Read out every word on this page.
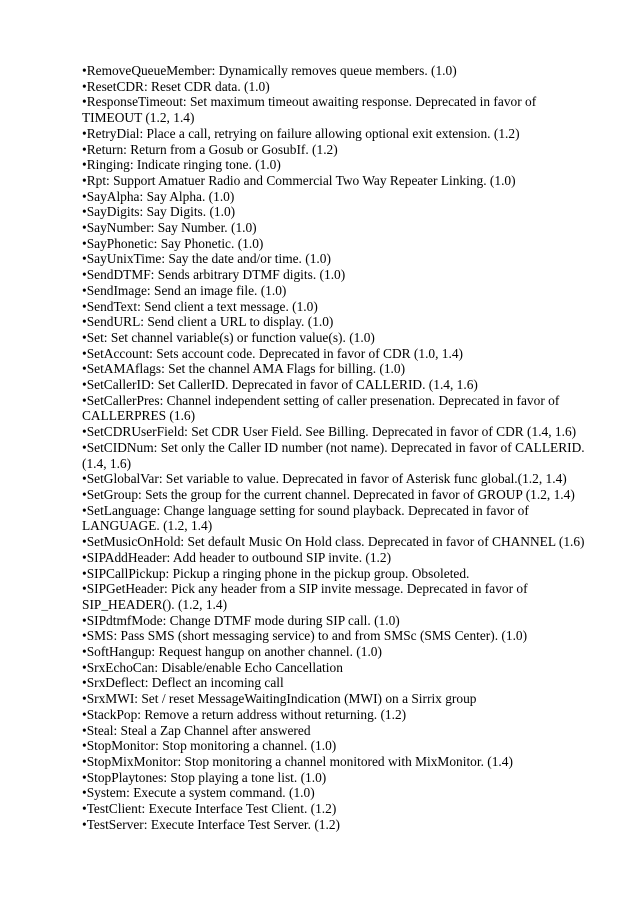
•RemoveQueueMember: Dynamically removes queue members. (1.0)
•ResetCDR: Reset CDR data. (1.0)
•ResponseTimeout: Set maximum timeout awaiting response. Deprecated in favor of
TIMEOUT (1.2, 1.4)
•RetryDial: Place a call, retrying on failure allowing optional exit extension. (1.2)
•Return: Return from a Gosub or GosubIf. (1.2)
•Ringing: Indicate ringing tone. (1.0)
•Rpt: Support Amatuer Radio and Commercial Two Way Repeater Linking. (1.0)
•SayAlpha: Say Alpha. (1.0)
•SayDigits: Say Digits. (1.0)
•SayNumber: Say Number. (1.0)
•SayPhonetic: Say Phonetic. (1.0)
•SayUnixTime: Say the date and/or time. (1.0)
•SendDTMF: Sends arbitrary DTMF digits. (1.0)
•SendImage: Send an image file. (1.0)
•SendText: Send client a text message. (1.0)
•SendURL: Send client a URL to display. (1.0)
•Set: Set channel variable(s) or function value(s). (1.0)
•SetAccount: Sets account code. Deprecated in favor of CDR (1.0, 1.4)
•SetAMAflags: Set the channel AMA Flags for billing. (1.0)
•SetCallerID: Set CallerID. Deprecated in favor of CALLERID. (1.4, 1.6)
•SetCallerPres: Channel independent setting of caller presenation. Deprecated in favor of
CALLERPRES (1.6)
•SetCDRUserField: Set CDR User Field. See Billing. Deprecated in favor of CDR (1.4, 1.6)
•SetCIDNum: Set only the Caller ID number (not name). Deprecated in favor of CALLERID.
(1.4, 1.6)
•SetGlobalVar: Set variable to value. Deprecated in favor of Asterisk func global.(1.2, 1.4)
•SetGroup: Sets the group for the current channel. Deprecated in favor of GROUP (1.2, 1.4)
•SetLanguage: Change language setting for sound playback. Deprecated in favor of
LANGUAGE. (1.2, 1.4)
•SetMusicOnHold: Set default Music On Hold class. Deprecated in favor of CHANNEL (1.6)
•SIPAddHeader: Add header to outbound SIP invite. (1.2)
•SIPCallPickup: Pickup a ringing phone in the pickup group. Obsoleted.
•SIPGetHeader: Pick any header from a SIP invite message. Deprecated in favor of
SIP_HEADER(). (1.2, 1.4)
•SIPdtmfMode: Change DTMF mode during SIP call. (1.0)
•SMS: Pass SMS (short messaging service) to and from SMSc (SMS Center). (1.0)
•SoftHangup: Request hangup on another channel. (1.0)
•SrxEchoCan: Disable/enable Echo Cancellation
•SrxDeflect: Deflect an incoming call
•SrxMWI: Set / reset MessageWaitingIndication (MWI) on a Sirrix group
•StackPop: Remove a return address without returning. (1.2)
•Steal: Steal a Zap Channel after answered
•StopMonitor: Stop monitoring a channel. (1.0)
•StopMixMonitor: Stop monitoring a channel monitored with MixMonitor. (1.4)
•StopPlaytones: Stop playing a tone list. (1.0)
•System: Execute a system command. (1.0)
•TestClient: Execute Interface Test Client. (1.2)
•TestServer: Execute Interface Test Server. (1.2)
